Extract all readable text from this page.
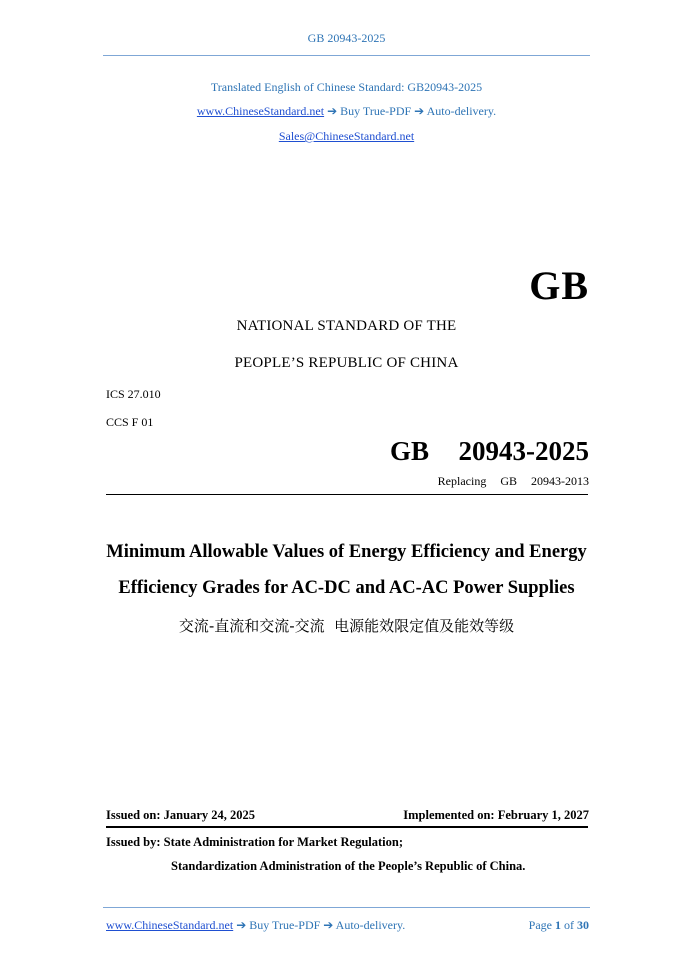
GB 20943-2025
Translated English of Chinese Standard: GB20943-2025
www.ChineseStandard.net ➔ Buy True-PDF ➔ Auto-delivery.
Sales@ChineseStandard.net
GB
NATIONAL STANDARD OF THE
PEOPLE’S REPUBLIC OF CHINA
ICS 27.010
CCS F 01
GB  20943-2025
Replacing  GB  20943-2013
Minimum Allowable Values of Energy Efficiency and Energy
Efficiency Grades for AC-DC and AC-AC Power Supplies
交流-直流和交流-交流  电源能效限定值及能效等级
Issued on: January 24, 2025	Implemented on: February 1, 2027
Issued by: State Administration for Market Regulation;
Standardization Administration of the People’s Republic of China.
www.ChineseStandard.net ➔ Buy True-PDF ➔ Auto-delivery.	Page 1 of 30
